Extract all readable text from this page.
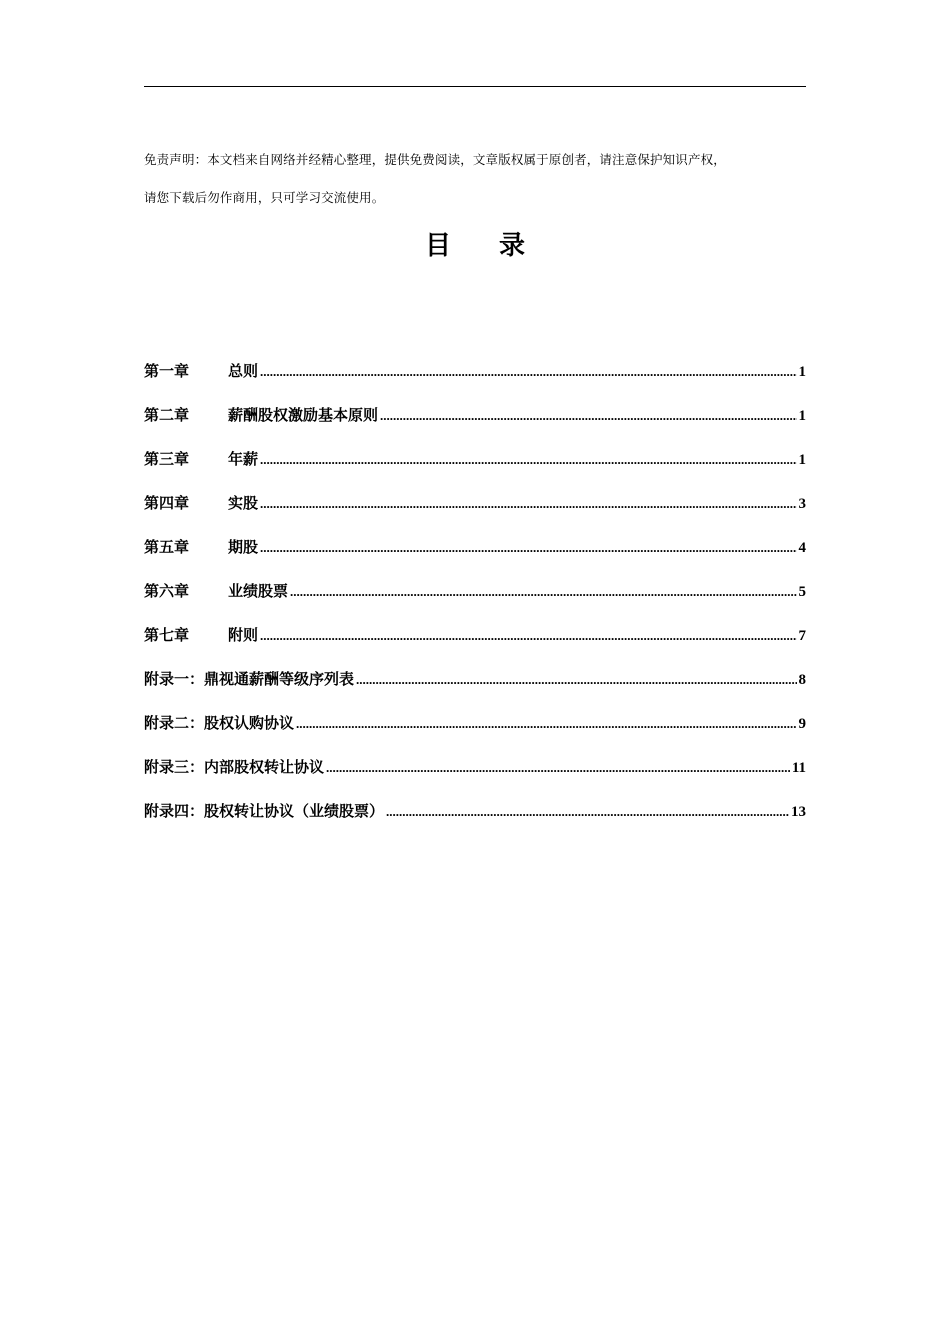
免责声明：本文档来自网络并经精心整理，提供免费阅读，文章版权属于原创者，请注意保护知识产权，
请您下载后勿作商用，只可学习交流使用。
目 录
第一章	总则 .....	1
第二章	薪酬股权激励基本原则 .....	1
第三章	年薪 .....	1
第四章	实股 .....	3
第五章	期股 .....	4
第六章	业绩股票 .....	5
第七章	附则 .....	7
附录一： 鼎视通薪酬等级序列表 .....	8
附录二： 股权认购协议 .....	9
附录三： 内部股权转让协议 .....	11
附录四： 股权转让协议（业绩股票） .....	13
